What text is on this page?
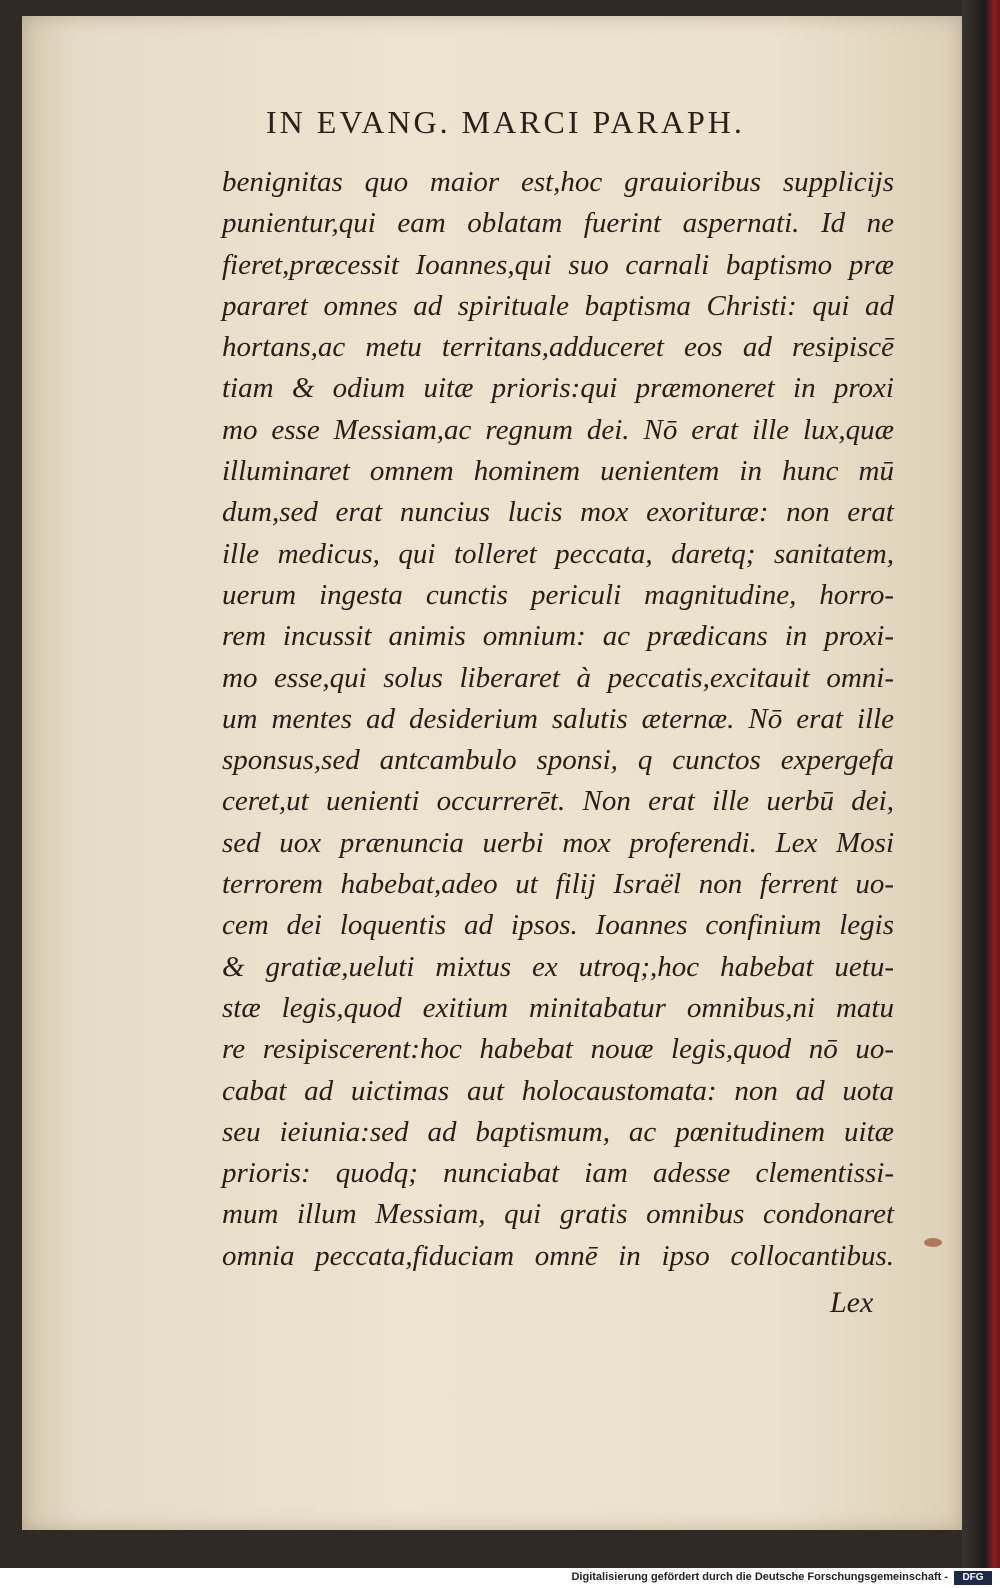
IN EVANG. MARCI PARAPH.
benignitas quo maior est,hoc grauioribus supplicijs
punientur,qui eam oblatam fuerint aspernati. Id ne
fieret,præcessit Ioannes,qui suo carnali baptismo præ
pararet omnes ad spirituale baptisma Christi: qui ad
hortans,ac metu territans,adduceret eos ad resipiscē
tiam & odium uitæ prioris:qui præmoneret in proxi
mo esse Messiam,ac regnum dei. Nō erat ille lux,quæ
illuminaret omnem hominem uenientem in hunc mū
dum,sed erat nuncius lucis mox exorituræ: non erat
ille medicus, qui tolleret peccata, daretq; sanitatem,
uerum ingesta cunctis periculi magnitudine, horro-
rem incussit animis omnium: ac prædicans in proxi-
mo esse,qui solus liberaret à peccatis,excitauit omni-
um mentes ad desiderium salutis æternæ. Nō erat ille
sponsus,sed antcambulo sponsi, q cunctos expergefa
ceret,ut uenienti occurrerēt. Non erat ille uerbū dei,
sed uox prænuncia uerbi mox proferendi. Lex Mosi
terrorem habebat,adeo ut filij Israël non ferrent uo-
cem dei loquentis ad ipsos. Ioannes confinium legis
& gratiæ,ueluti mixtus ex utroq;,hoc habebat uetu-
stæ legis,quod exitium minitabatur omnibus,ni matu
re resipiscerent:hoc habebat nouæ legis,quod nō uo-
cabat ad uictimas aut holocaustomata: non ad uota
seu ieiunia:sed ad baptismum, ac pœnitudinem uitæ
prioris: quodq; nunciabat iam adesse clementissi-
mum illum Messiam, qui gratis omnibus condonaret
omnia peccata,fiduciam omnē in ipso collocantibus.
Lex
Digitalisierung gefördert durch die Deutsche Forschungsgemeinschaft -	DFG
